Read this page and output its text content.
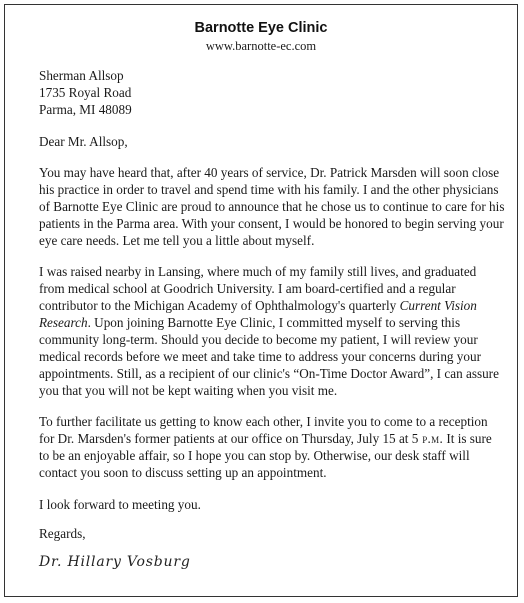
Barnotte Eye Clinic
www.barnotte-ec.com
Sherman Allsop
1735 Royal Road
Parma, MI 48089
Dear Mr. Allsop,

You may have heard that, after 40 years of service, Dr. Patrick Marsden will soon close his practice in order to travel and spend time with his family. I and the other physicians of Barnotte Eye Clinic are proud to announce that he chose us to continue to care for his patients in the Parma area. With your consent, I would be honored to begin serving your eye care needs. Let me tell you a little about myself.

I was raised nearby in Lansing, where much of my family still lives, and graduated from medical school at Goodrich University. I am board-certified and a regular contributor to the Michigan Academy of Ophthalmology's quarterly Current Vision Research. Upon joining Barnotte Eye Clinic, I committed myself to serving this community long-term. Should you decide to become my patient, I will review your medical records before we meet and take time to address your concerns during your appointments. Still, as a recipient of our clinic's “On-Time Doctor Award”, I can assure you that you will not be kept waiting when you visit me.

To further facilitate us getting to know each other, I invite you to come to a reception for Dr. Marsden's former patients at our office on Thursday, July 15 at 5 p.m. It is sure to be an enjoyable affair, so I hope you can stop by. Otherwise, our desk staff will contact you soon to discuss setting up an appointment.

I look forward to meeting you.
Regards,
Dr. Hillary Vosburg
